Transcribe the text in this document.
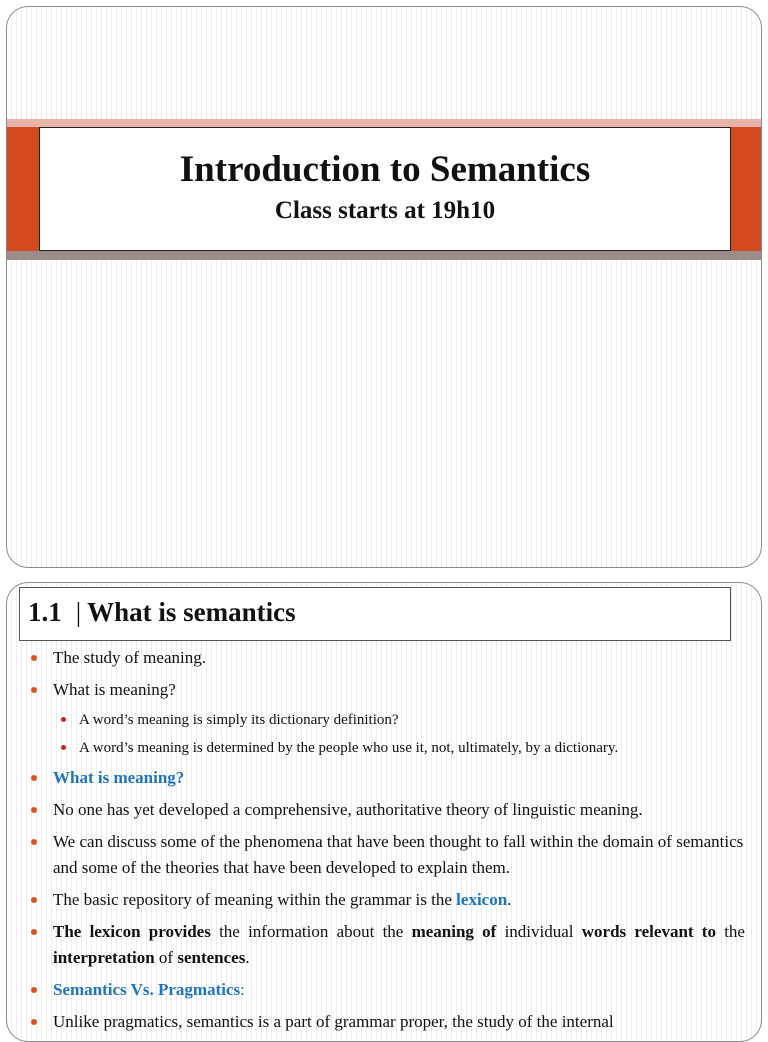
Introduction to Semantics
Class starts at 19h10
1.1 | What is semantics
The study of meaning.
What is meaning?
A word’s meaning is simply its dictionary definition?
A word’s meaning is determined by the people who use it, not, ultimately, by a dictionary.
What is meaning?
No one has yet developed a comprehensive, authoritative theory of linguistic meaning.
We can discuss some of the phenomena that have been thought to fall within the domain of semantics and some of the theories that have been developed to explain them.
The basic repository of meaning within the grammar is the lexicon.
The lexicon provides the information about the meaning of individual words relevant to the interpretation of sentences.
Semantics Vs. Pragmatics:
Unlike pragmatics, semantics is a part of grammar proper, the study of the internal
